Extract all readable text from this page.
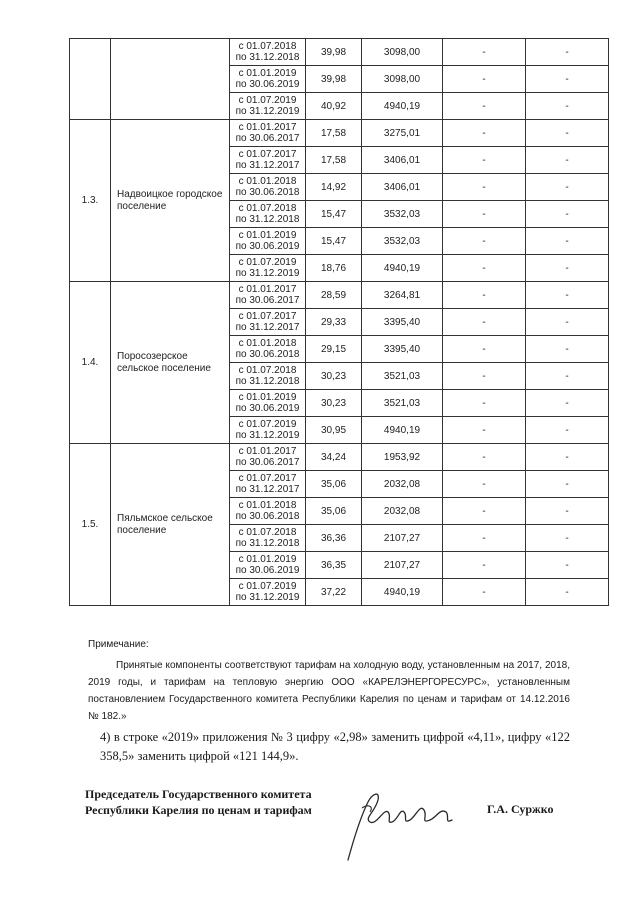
		с 01.07.2018
по 31.12.2018	39,98	3098,00	-	-

		с 01.01.2019
по 30.06.2019	39,98	3098,00	-	-

		с 01.07.2019
по 31.12.2019	40,92	4940,19	-	-
1.3.	Надвоицкое городское поселение	с 01.01.2017
по 30.06.2017	17,58	3275,01	-	-

		с 01.07.2017
по 31.12.2017	17,58	3406,01	-	-

		с 01.01.2018
по 30.06.2018	14,92	3406,01	-	-

		с 01.07.2018
по 31.12.2018	15,47	3532,03	-	-

		с 01.01.2019
по 30.06.2019	15,47	3532,03	-	-

		с 01.07.2019
по 31.12.2019	18,76	4940,19	-	-
1.4.	Поросозерское сельское поселение	с 01.01.2017
по 30.06.2017	28,59	3264,81	-	-

		с 01.07.2017
по 31.12.2017	29,33	3395,40	-	-

		с 01.01.2018
по 30.06.2018	29,15	3395,40	-	-

		с 01.07.2018
по 31.12.2018	30,23	3521,03	-	-

		с 01.01.2019
по 30.06.2019	30,23	3521,03	-	-

		с 01.07.2019
по 31.12.2019	30,95	4940,19	-	-
1.5.	Пяльмское сельское поселение	с 01.01.2017
по 30.06.2017	34,24	1953,92	-	-

		с 01.07.2017
по 31.12.2017	35,06	2032,08	-	-

		с 01.01.2018
по 30.06.2018	35,06	2032,08	-	-

		с 01.07.2018
по 31.12.2018	36,36	2107,27	-	-

		с 01.01.2019
по 30.06.2019	36,35	2107,27	-	-

		с 01.07.2019
по 31.12.2019	37,22	4940,19	-	-
Примечание:
Принятые компоненты соответствуют тарифам на холодную воду, установленным на 2017, 2018, 2019 годы, и тарифам на тепловую энергию ООО «КАРЕЛЭНЕРГОРЕСУРС», установленным постановлением Государственного комитета Республики Карелия по ценам и тарифам от 14.12.2016 № 182.»
4) в строке «2019» приложения № 3 цифру «2,98» заменить цифрой «4,11», цифру «122 358,5» заменить цифрой «121 144,9».
Председатель Государственного комитета
Республики Карелия по ценам и тарифам	Г.А. Суржко
